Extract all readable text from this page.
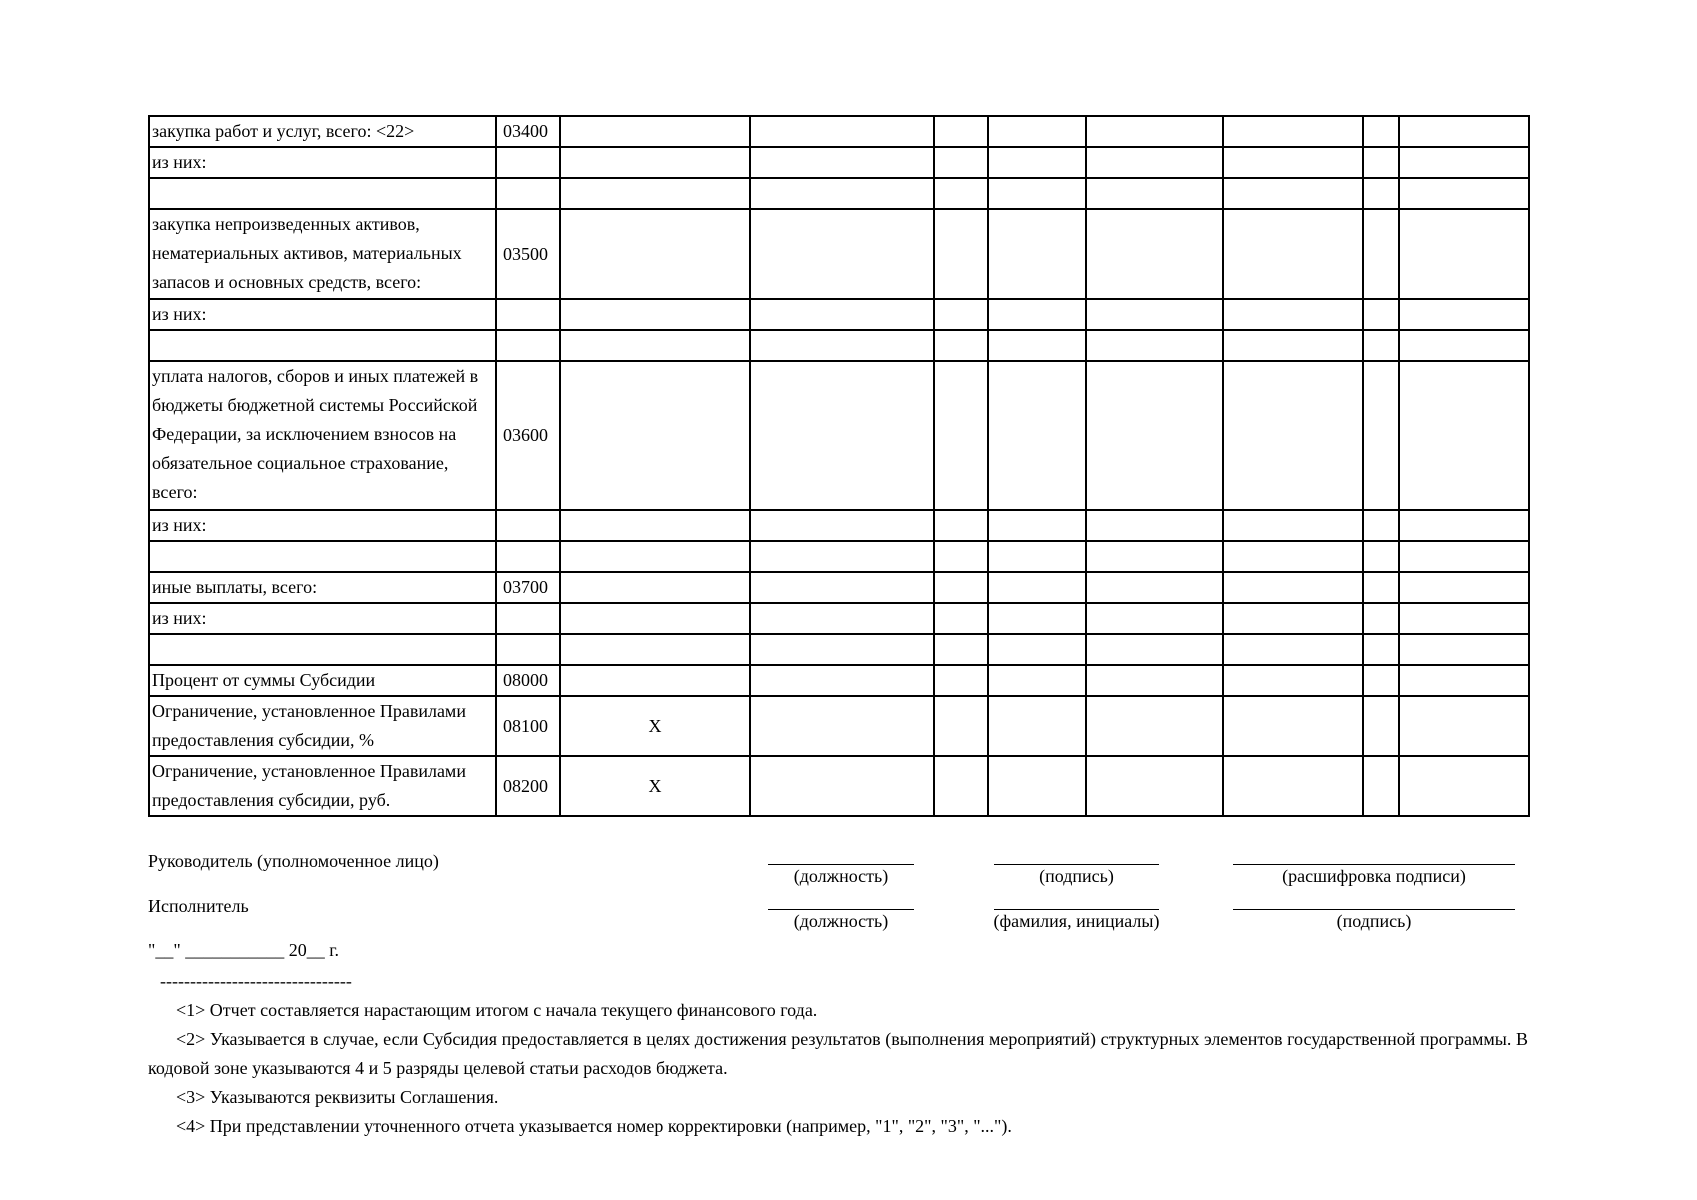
закупка работ и услуг, всего: <22>	03400								
из них:									

закупка непроизведенных активов, нематериальных активов, материальных запасов и основных средств, всего:	03500								
из них:									

уплата налогов, сборов и иных платежей в бюджеты бюджетной системы Российской Федерации, за исключением взносов на обязательное социальное страхование, всего:	03600								
из них:									

иные выплаты, всего:	03700								
из них:									

Процент от суммы Субсидии	08000								
Ограничение, установленное Правилами предоставления субсидии, %	08100	X							
Ограничение, установленное Правилами предоставления субсидии, руб.	08200	X							
Руководитель (уполномоченное лицо)
(должность)	(подпись)	(расшифровка подписи)
Исполнитель
(должность)	(фамилия, инициалы)	(подпись)
"__" ___________ 20__ г.
--------------------------------
<1> Отчет составляется нарастающим итогом с начала текущего финансового года.
<2> Указывается в случае, если Субсидия предоставляется в целях достижения результатов (выполнения мероприятий) структурных элементов государственной программы. В кодовой зоне указываются 4 и 5 разряды целевой статьи расходов бюджета.
<3> Указываются реквизиты Соглашения.
<4> При представлении уточненного отчета указывается номер корректировки (например, "1", "2", "3", "...").
